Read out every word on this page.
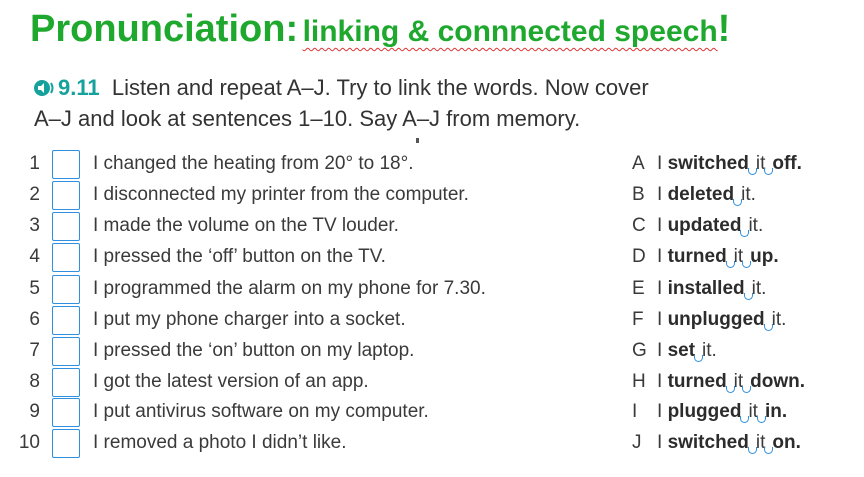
Pronunciation: linking & connnected speech!
9.11 Listen and repeat A–J. Try to link the words. Now cover
A–J and look at sentences 1–10. Say A–J from memory.
1	I changed the heating from 20° to 18°.	A I switched it off.
2	I disconnected my printer from the computer.	B I deleted it.
3	I made the volume on the TV louder.	C I updated it.
4	I pressed the ‘off’ button on the TV.	D I turned it up.
5	I programmed the alarm on my phone for 7.30.	E I installed it.
6	I put my phone charger into a socket.	F I unplugged it.
7	I pressed the ‘on’ button on my laptop.	G I set it.
8	I got the latest version of an app.	H I turned it down.
9	I put antivirus software on my computer.	I I plugged it in.
10	I removed a photo I didn’t like.	J I switched it on.
